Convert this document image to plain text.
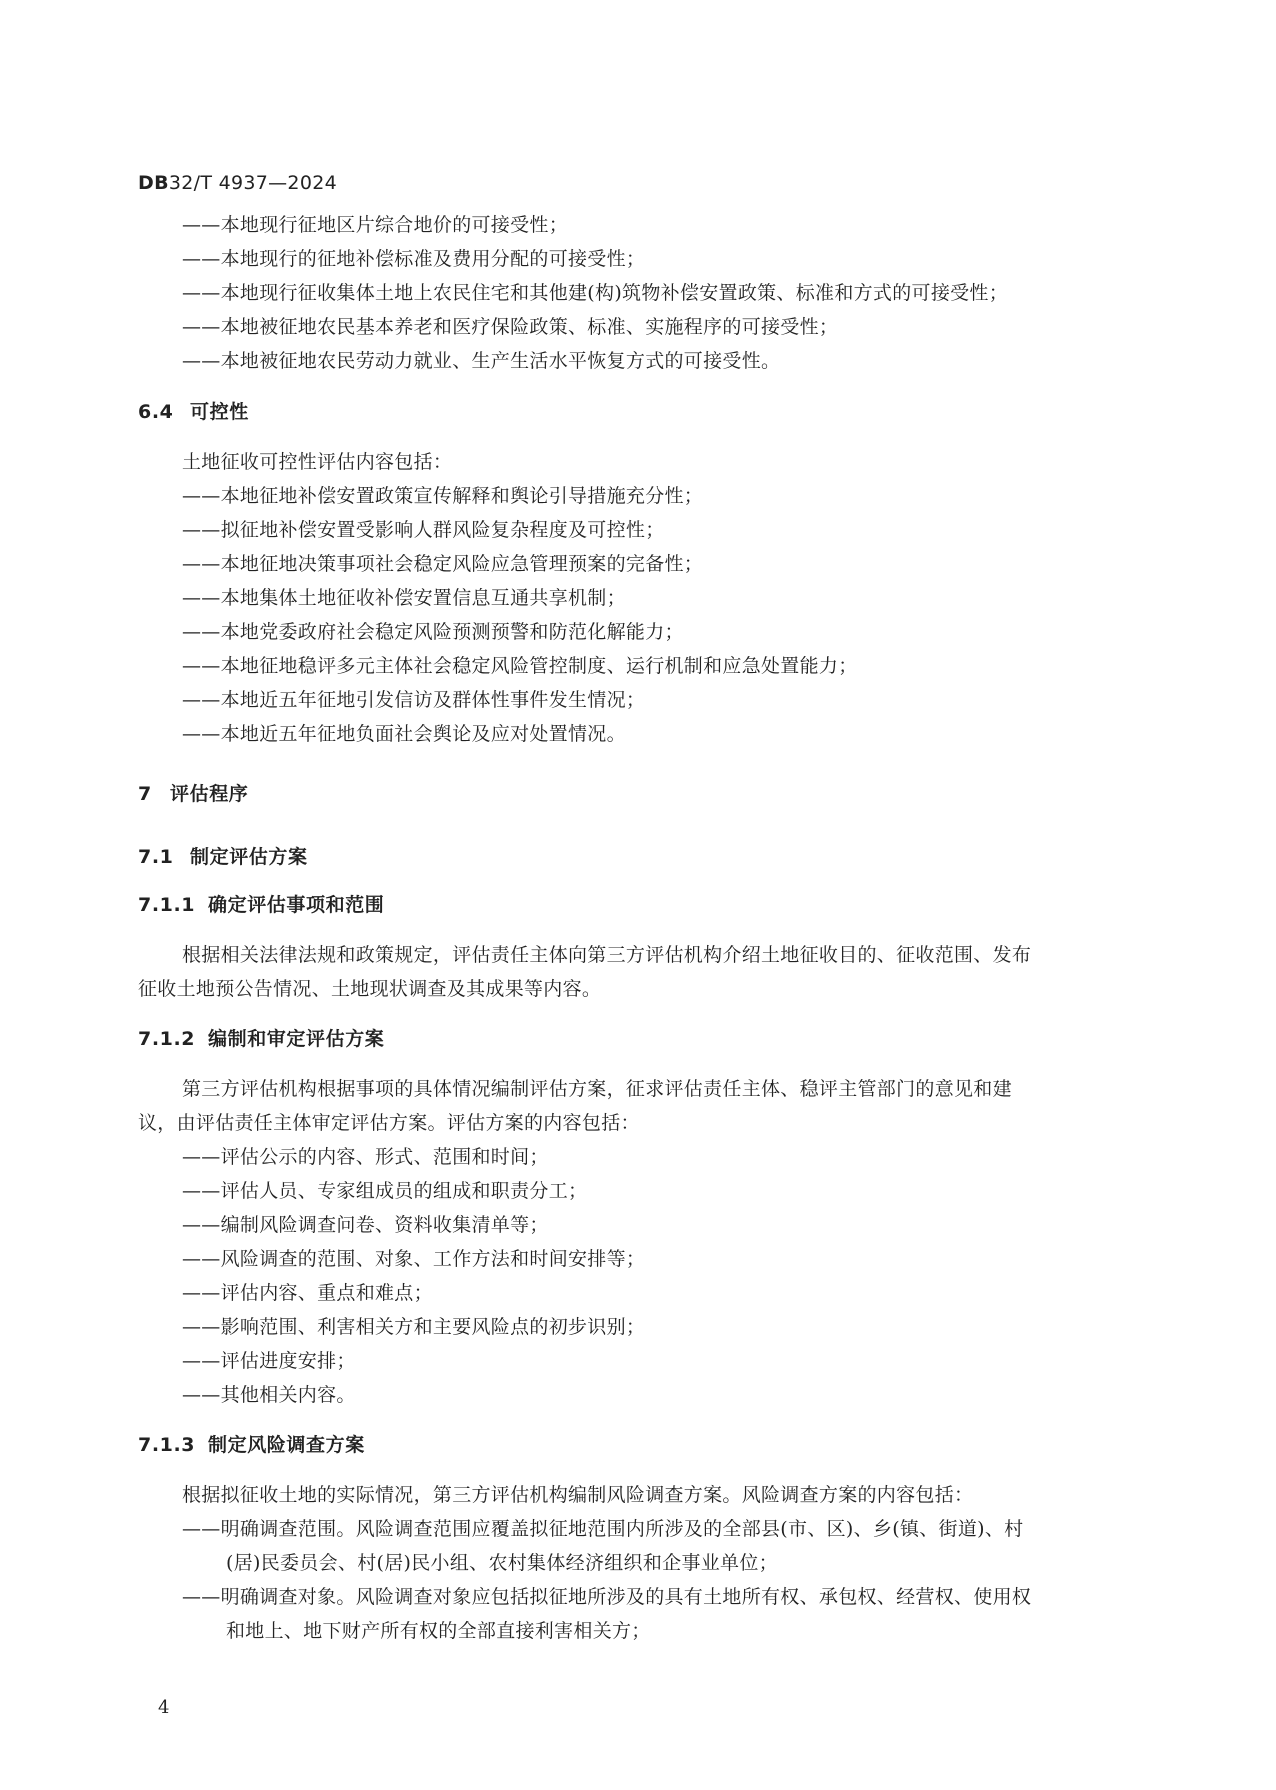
DB32/T 4937—2024
——本地现行征地区片综合地价的可接受性；
——本地现行的征地补偿标准及费用分配的可接受性；
——本地现行征收集体土地上农民住宅和其他建(构)筑物补偿安置政策、标准和方式的可接受性；
——本地被征地农民基本养老和医疗保险政策、标准、实施程序的可接受性；
——本地被征地农民劳动力就业、生产生活水平恢复方式的可接受性。
6.4 可控性
土地征收可控性评估内容包括：
——本地征地补偿安置政策宣传解释和舆论引导措施充分性；
——拟征地补偿安置受影响人群风险复杂程度及可控性；
——本地征地决策事项社会稳定风险应急管理预案的完备性；
——本地集体土地征收补偿安置信息互通共享机制；
——本地党委政府社会稳定风险预测预警和防范化解能力；
——本地征地稳评多元主体社会稳定风险管控制度、运行机制和应急处置能力；
——本地近五年征地引发信访及群体性事件发生情况；
——本地近五年征地负面社会舆论及应对处置情况。
7 评估程序
7.1 制定评估方案
7.1.1 确定评估事项和范围
根据相关法律法规和政策规定，评估责任主体向第三方评估机构介绍土地征收目的、征收范围、发布
征收土地预公告情况、土地现状调查及其成果等内容。
7.1.2 编制和审定评估方案
第三方评估机构根据事项的具体情况编制评估方案，征求评估责任主体、稳评主管部门的意见和建
议，由评估责任主体审定评估方案。评估方案的内容包括：
——评估公示的内容、形式、范围和时间；
——评估人员、专家组成员的组成和职责分工；
——编制风险调查问卷、资料收集清单等；
——风险调查的范围、对象、工作方法和时间安排等；
——评估内容、重点和难点；
——影响范围、利害相关方和主要风险点的初步识别；
——评估进度安排；
——其他相关内容。
7.1.3 制定风险调查方案
根据拟征收土地的实际情况，第三方评估机构编制风险调查方案。风险调查方案的内容包括：
——明确调查范围。风险调查范围应覆盖拟征地范围内所涉及的全部县(市、区)、乡(镇、街道)、村
(居)民委员会、村(居)民小组、农村集体经济组织和企事业单位；
——明确调查对象。风险调查对象应包括拟征地所涉及的具有土地所有权、承包权、经营权、使用权
和地上、地下财产所有权的全部直接利害相关方；
4
